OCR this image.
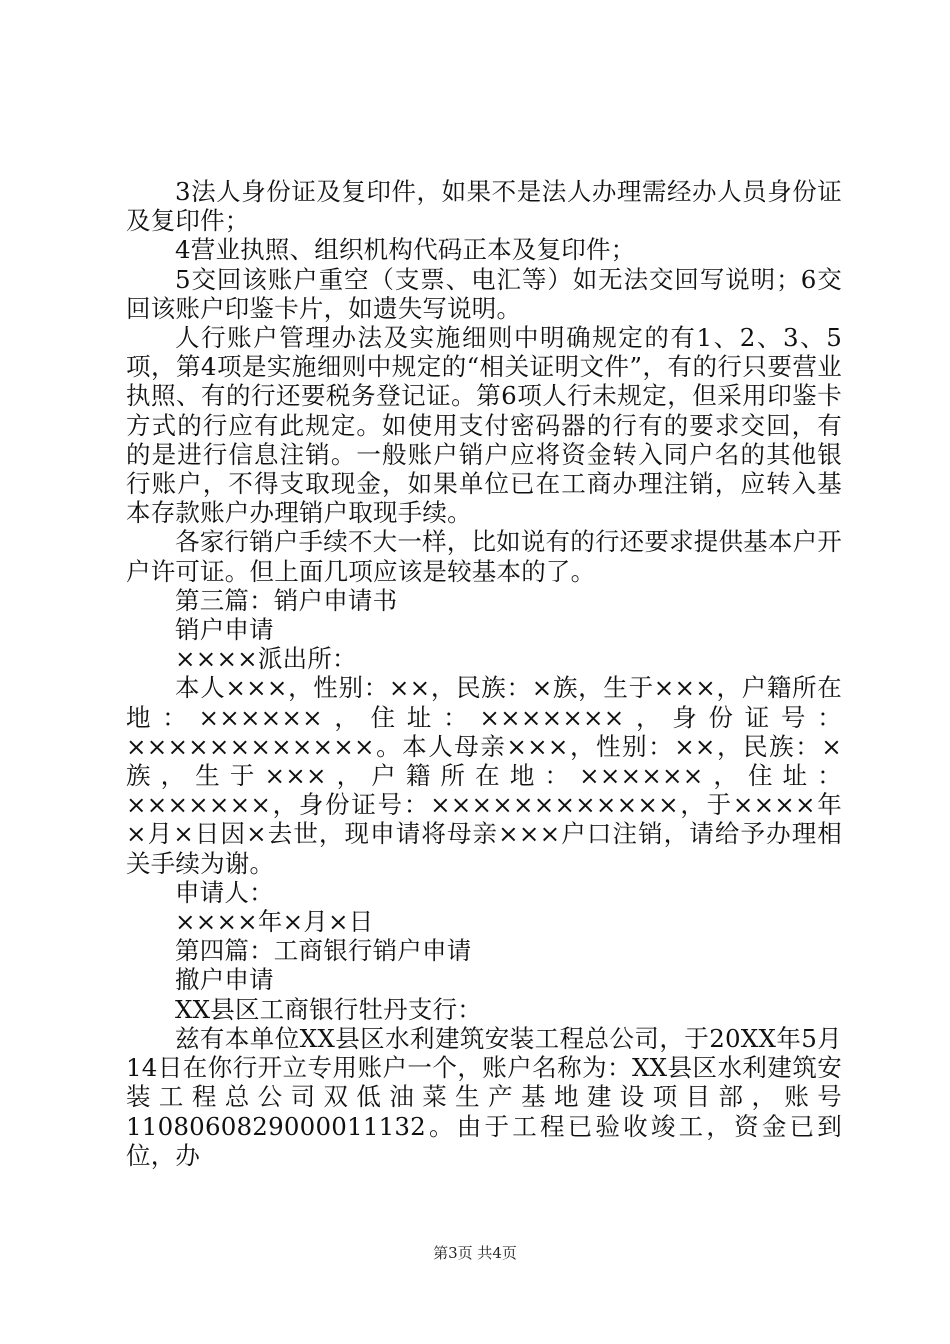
3法人身份证及复印件，如果不是法人办理需经办人员身份证及复印件；

4营业执照、组织机构代码正本及复印件；

5交回该账户重空（支票、电汇等）如无法交回写说明；6交回该账户印鉴卡片，如遗失写说明。

人行账户管理办法及实施细则中明确规定的有1、2、3、5项，第4项是实施细则中规定的“相关证明文件”，有的行只要营业执照、有的行还要税务登记证。第6项人行未规定，但采用印鉴卡方式的行应有此规定。如使用支付密码器的行有的要求交回，有的是进行信息注销。一般账户销户应将资金转入同户名的其他银行账户，不得支取现金，如果单位已在工商办理注销，应转入基本存款账户办理销户取现手续。

各家行销户手续不大一样，比如说有的行还要求提供基本户开户许可证。但上面几项应该是较基本的了。

第三篇：销户申请书

销户申请

××××派出所：

本人×××，性别：××，民族：×族，生于×××，户籍所在地：××××××，住址：×××××××，身份证号：××××××××××××。本人母亲×××，性别：××，民族：×族，生于×××，户籍所在地：××××××，住址：×××××××，身份证号：××××××××××××，于××××年×月×日因×去世，现申请将母亲×××户口注销，请给予办理相关手续为谢。

申请人：

××××年×月×日

第四篇：工商银行销户申请

撤户申请

XX县区工商银行牡丹支行：

兹有本单位XX县区水利建筑安装工程总公司，于20XX年5月14日在你行开立专用账户一个，账户名称为：XX县区水利建筑安装工程总公司双低油菜生产基地建设项目部，账号1108060829000011132。由于工程已验收竣工，资金已到位，办

第3页 共4页
